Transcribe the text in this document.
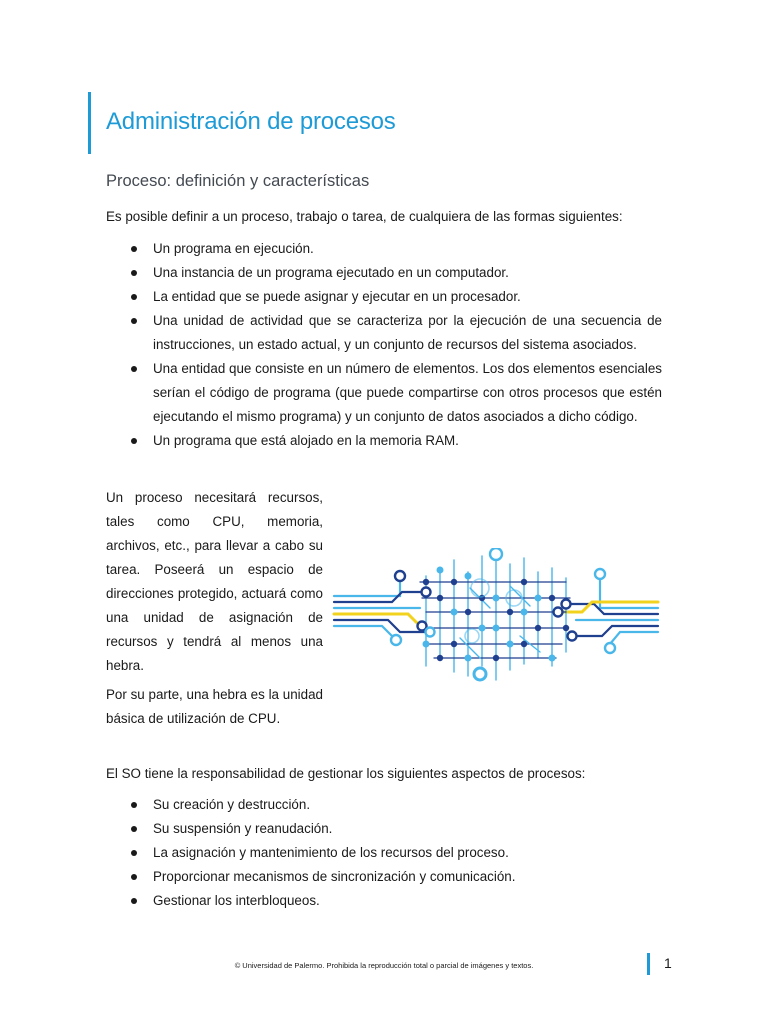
Administración de procesos
Proceso: definición y características

Es posible definir a un proceso, trabajo o tarea, de cualquiera de las formas siguientes:

Un programa en ejecución.
Una instancia de un programa ejecutado en un computador.
La entidad que se puede asignar y ejecutar en un procesador.
Una unidad de actividad que se caracteriza por la ejecución de una secuencia de instrucciones, un estado actual, y un conjunto de recursos del sistema asociados.
Una entidad que consiste en un número de elementos. Los dos elementos esenciales serían el código de programa (que puede compartirse con otros procesos que estén ejecutando el mismo programa) y un conjunto de datos asociados a dicho código.
Un programa que está alojado en la memoria RAM.

Un proceso necesitará recursos, tales como CPU, memoria, archivos, etc., para llevar a cabo su tarea. Poseerá un espacio de direcciones protegido, actuará como una unidad de asignación de recursos y tendrá al menos una hebra.

Por su parte, una hebra es la unidad básica de utilización de CPU.

El SO tiene la responsabilidad de gestionar los siguientes aspectos de procesos:

Su creación y destrucción.
Su suspensión y reanudación.
La asignación y mantenimiento de los recursos del proceso.
Proporcionar mecanismos de sincronización y comunicación.
Gestionar los interbloqueos.
© Universidad de Palermo. Prohibida la reproducción total o parcial de imágenes y textos.	1
